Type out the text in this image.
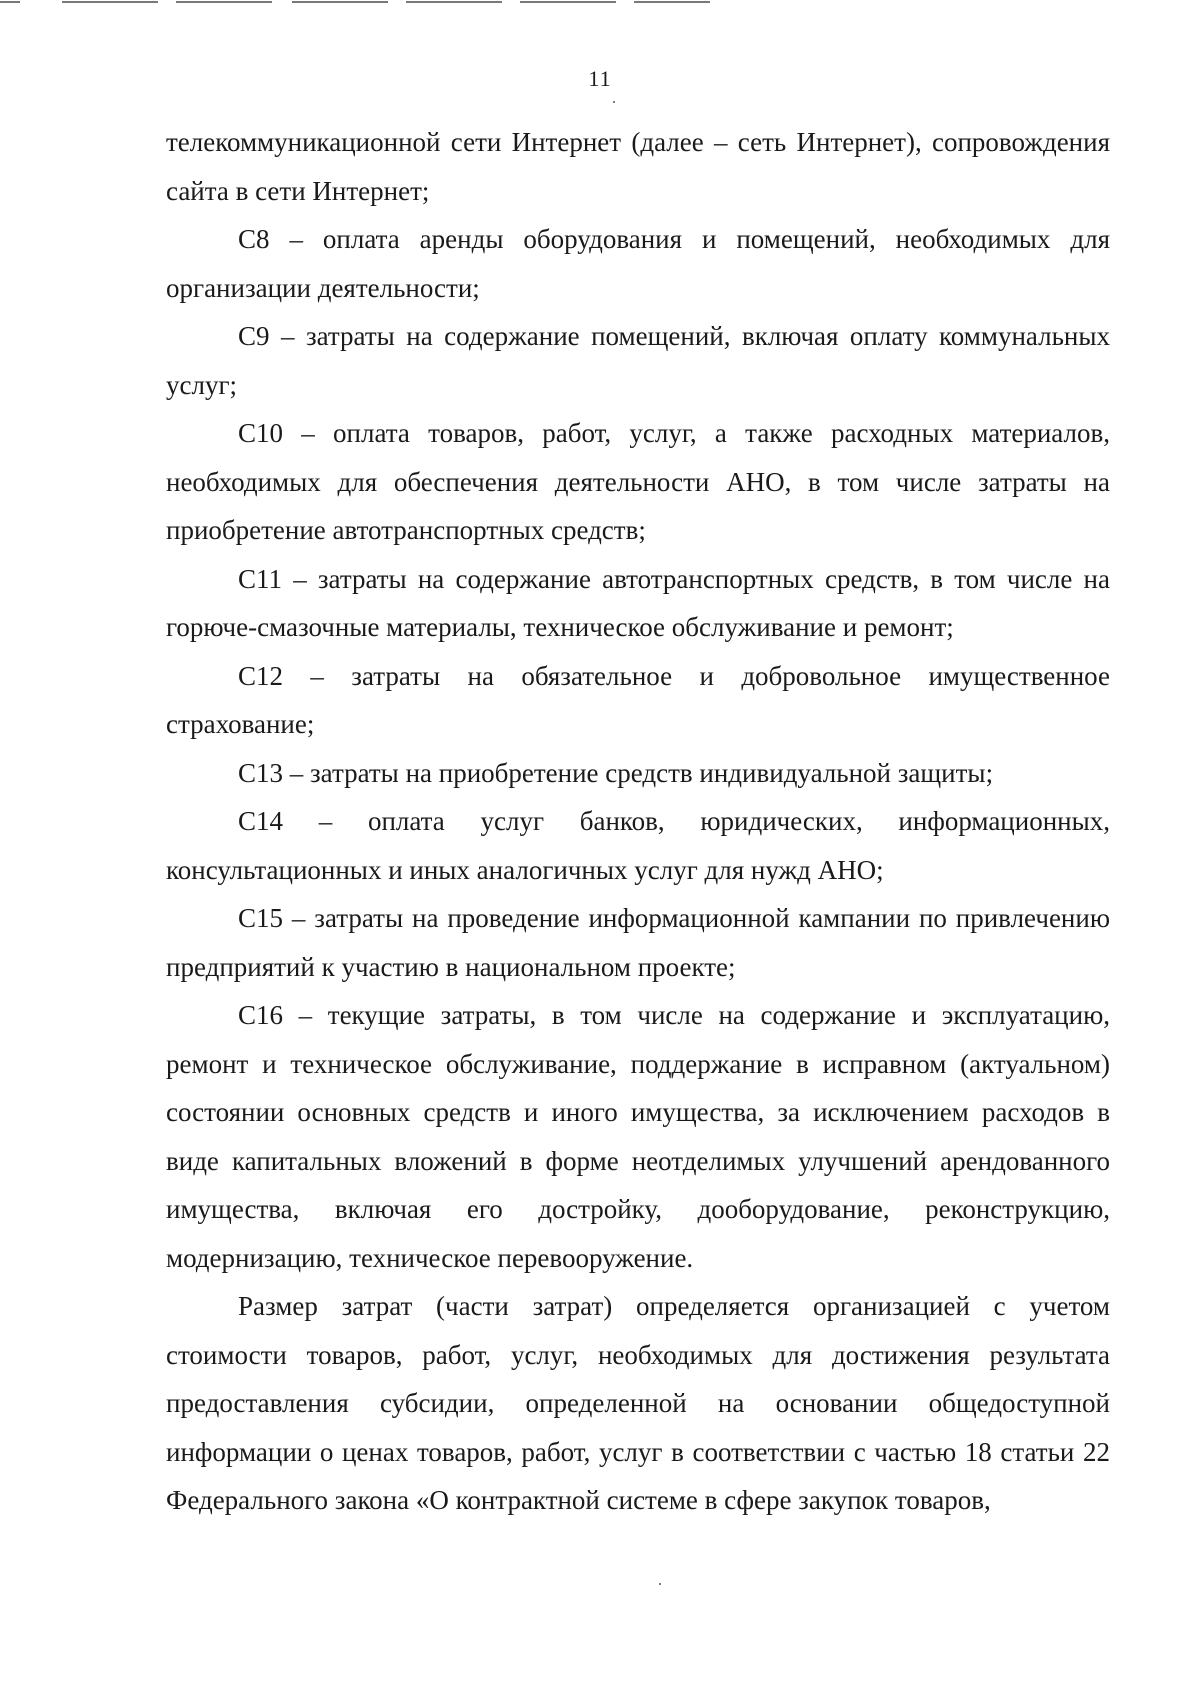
11

телекоммуникационной сети Интернет (далее – сеть Интернет), сопровождения сайта в сети Интернет;

С8 – оплата аренды оборудования и помещений, необходимых для организации деятельности;

С9 – затраты на содержание помещений, включая оплату коммунальных услуг;

С10 – оплата товаров, работ, услуг, а также расходных материалов, необходимых для обеспечения деятельности АНО, в том числе затраты на приобретение автотранспортных средств;

С11 – затраты на содержание автотранспортных средств, в том числе на горюче-смазочные материалы, техническое обслуживание и ремонт;

С12 – затраты на обязательное и добровольное имущественное страхование;

С13 – затраты на приобретение средств индивидуальной защиты;

С14 – оплата услуг банков, юридических, информационных, консультационных и иных аналогичных услуг для нужд АНО;

С15 – затраты на проведение информационной кампании по привлечению предприятий к участию в национальном проекте;

С16 – текущие затраты, в том числе на содержание и эксплуатацию, ремонт и техническое обслуживание, поддержание в исправном (актуальном) состоянии основных средств и иного имущества, за исключением расходов в виде капитальных вложений в форме неотделимых улучшений арендованного имущества, включая его достройку, дооборудование, реконструкцию, модернизацию, техническое перевооружение.

Размер затрат (части затрат) определяется организацией с учетом стоимости товаров, работ, услуг, необходимых для достижения результата предоставления субсидии, определенной на основании общедоступной информации о ценах товаров, работ, услуг в соответствии с частью 18 статьи 22 Федерального закона «О контрактной системе в сфере закупок товаров,
